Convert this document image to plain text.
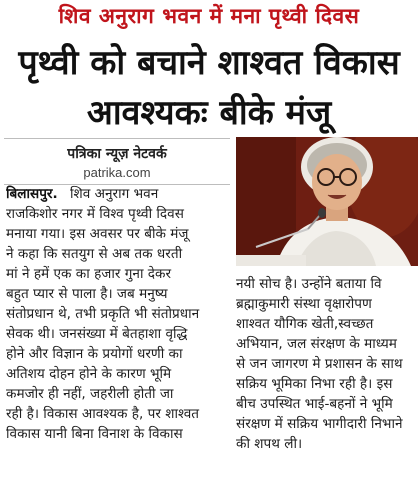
शिव अनुराग भवन में मना पृथ्वी दिवस
पृथ्वी को बचाने शाश्वत विकास
आवश्यकः बीके मंजू
पत्रिका न्यूज़ नेटवर्क
patrika.com
बिलासपुर. शिव अनुराग भवन
राजकिशोर नगर में विश्व पृथ्वी दिवस
मनाया गया। इस अवसर पर बीके मंजू
ने कहा कि सतयुग से अब तक धरती
मां ने हमें एक का हजार गुना देकर
बहुत प्यार से पाला है। जब मनुष्य
संतोप्रधान थे, तभी प्रकृति भी संतोप्रधान
सेवक थी। जनसंख्या में बेतहाशा वृद्धि
होने और विज्ञान के प्रयोगों धरणी का
अतिशय दोहन होने के कारण भूमि
कमजोर ही नहीं, जहरीली होती जा
रही है। विकास आवश्यक है, पर शाश्वत
विकास यानी बिना विनाश के विकास
नयी सोच है। उन्होंने बताया वि
ब्रह्माकुमारी संस्था वृक्षारोपण
शाश्वत यौगिक खेती,स्वच्छत
अभियान, जल संरक्षण के माध्यम
से जन जागरण मे प्रशासन के साथ
सक्रिय भूमिका निभा रही है। इस
बीच उपस्थित भाई-बहनों ने भूमि
संरक्षण में सक्रिय भागीदारी निभाने
की शपथ ली।
